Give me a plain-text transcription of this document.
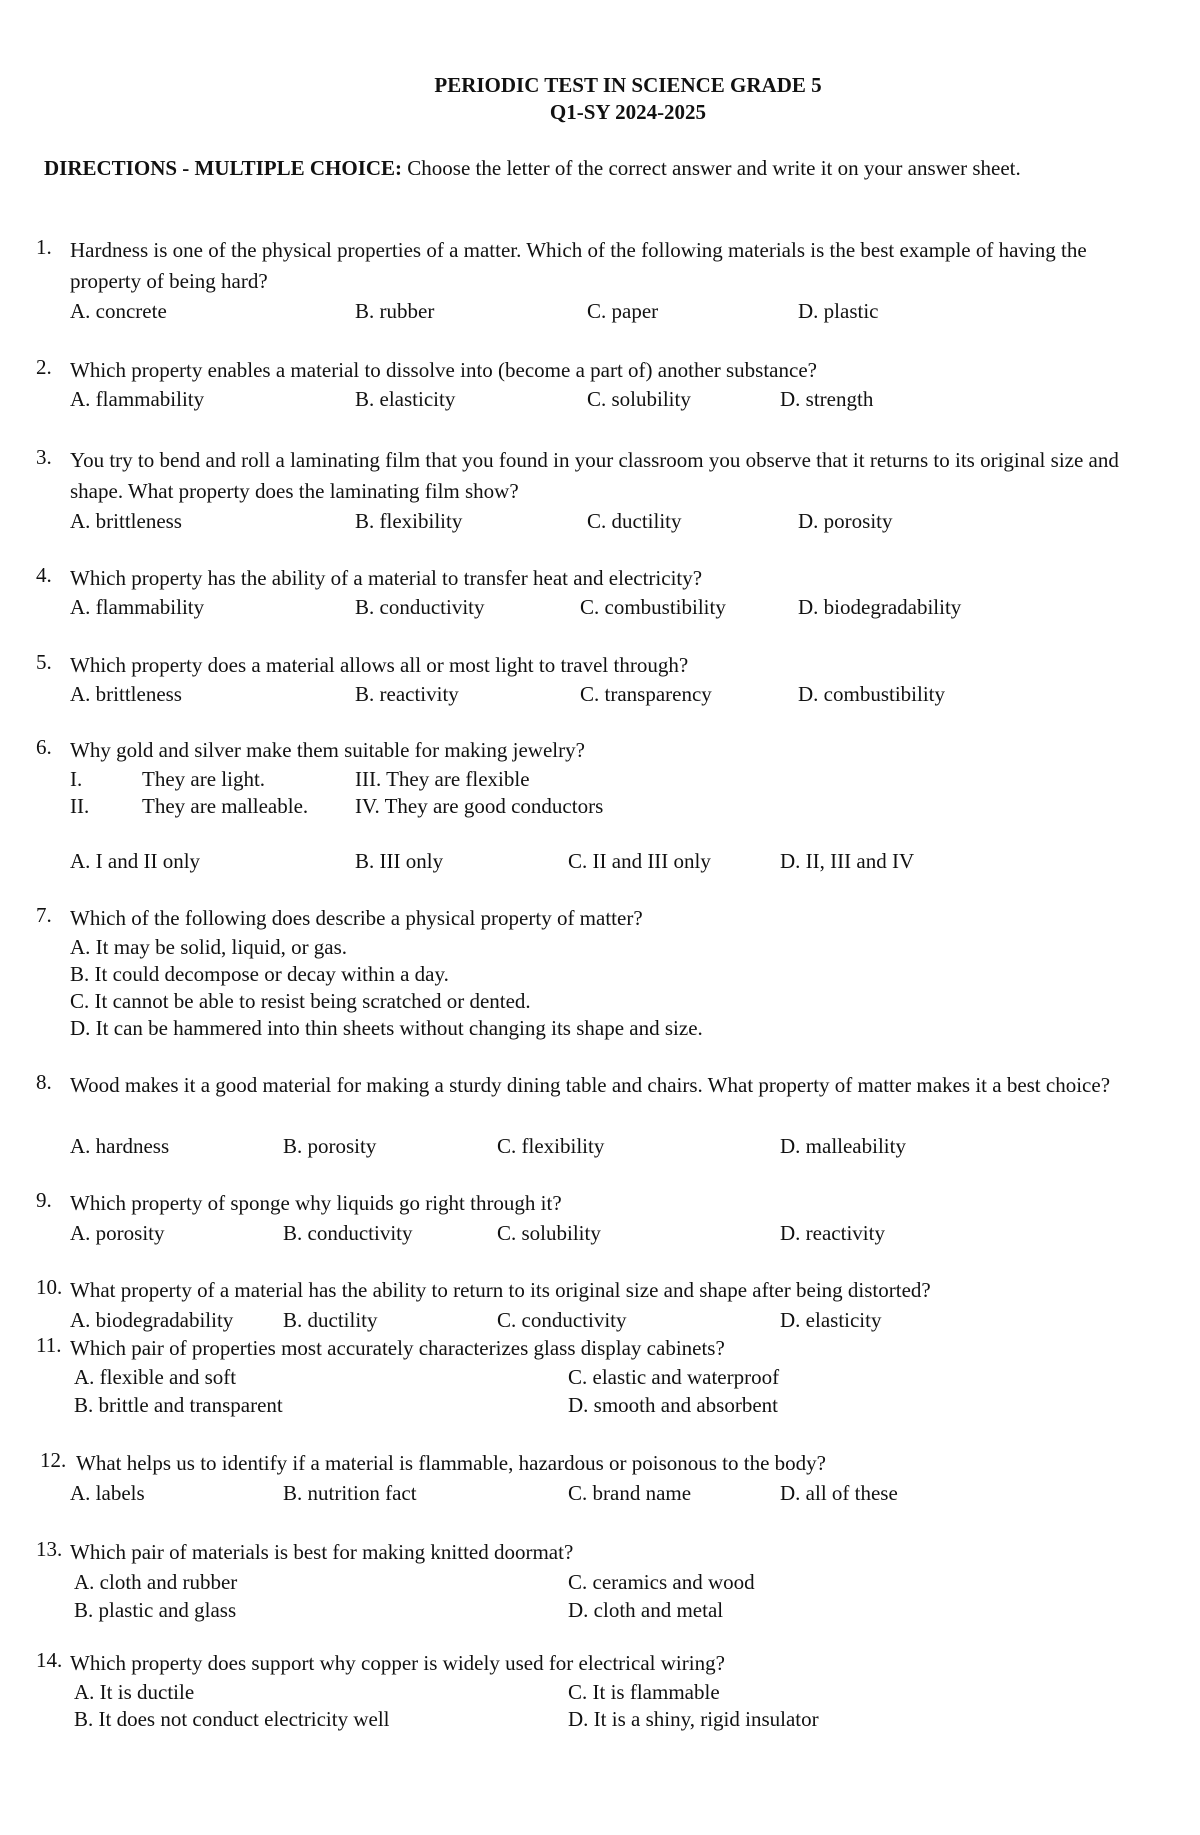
PERIODIC TEST IN SCIENCE GRADE 5
Q1-SY 2024-2025
DIRECTIONS - MULTIPLE CHOICE: Choose the letter of the correct answer and write it on your answer sheet.
1. Hardness is one of the physical properties of a matter. Which of the following materials is the best example of having the property of being hard?
A. concrete	B. rubber	C. paper	D. plastic
2. Which property enables a material to dissolve into (become a part of) another substance?
A. flammability	B. elasticity	C. solubility	D. strength
3. You try to bend and roll a laminating film that you found in your classroom you observe that it returns to its original size and shape. What property does the laminating film show?
A. brittleness	B. flexibility	C. ductility	D. porosity
4. Which property has the ability of a material to transfer heat and electricity?
A. flammability	B. conductivity	C. combustibility	D. biodegradability
5. Which property does a material allows all or most light to travel through?
A. brittleness	B. reactivity	C. transparency	D. combustibility
6. Why gold and silver make them suitable for making jewelry?
I.	They are light.	III. They are flexible
II.	They are malleable. IV. They are good conductors
A. I and II only	B. III only	C. II and III only	D. II, III and IV
7. Which of the following does describe a physical property of matter?
A. It may be solid, liquid, or gas.
B. It could decompose or decay within a day.
C. It cannot be able to resist being scratched or dented.
D. It can be hammered into thin sheets without changing its shape and size.
8. Wood makes it a good material for making a sturdy dining table and chairs. What property of matter makes it a best choice?
A. hardness	B. porosity	C. flexibility	D. malleability
9. Which property of sponge why liquids go right through it?
A. porosity	B. conductivity	C. solubility	D. reactivity
10. What property of a material has the ability to return to its original size and shape after being distorted?
A. biodegradability B. ductility	C. conductivity	D. elasticity
11. Which pair of properties most accurately characterizes glass display cabinets?
A. flexible and soft	C. elastic and waterproof
B. brittle and transparent	D. smooth and absorbent
12. What helps us to identify if a material is flammable, hazardous or poisonous to the body?
A. labels	B. nutrition fact	C. brand name	D. all of these
13. Which pair of materials is best for making knitted doormat?
A. cloth and rubber	C. ceramics and wood
B. plastic and glass	D. cloth and metal
14. Which property does support why copper is widely used for electrical wiring?
A. It is ductile	C. It is flammable
B. It does not conduct electricity well	D. It is a shiny, rigid insulator
